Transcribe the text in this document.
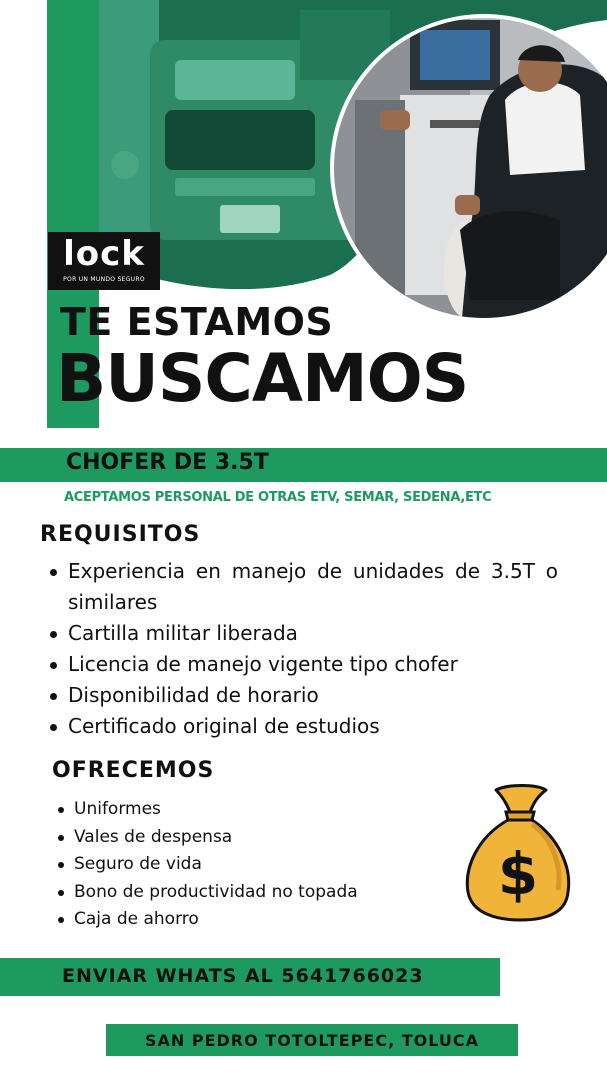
lock
POR UN MUNDO SEGURO
TE ESTAMOS
BUSCAMOS
CHOFER DE 3.5T
ACEPTAMOS PERSONAL DE OTRAS ETV, SEMAR, SEDENA,ETC
REQUISITOS
Experiencia en manejo de unidades de 3.5T o similares
Cartilla militar liberada
Licencia de manejo vigente tipo chofer
Disponibilidad de horario
Certificado original de estudios
OFRECEMOS
Uniformes
Vales de despensa
Seguro de vida
Bono de productividad no topada
Caja de ahorro
$
ENVIAR WHATS AL 5641766023
SAN PEDRO TOTOLTEPEC, TOLUCA
